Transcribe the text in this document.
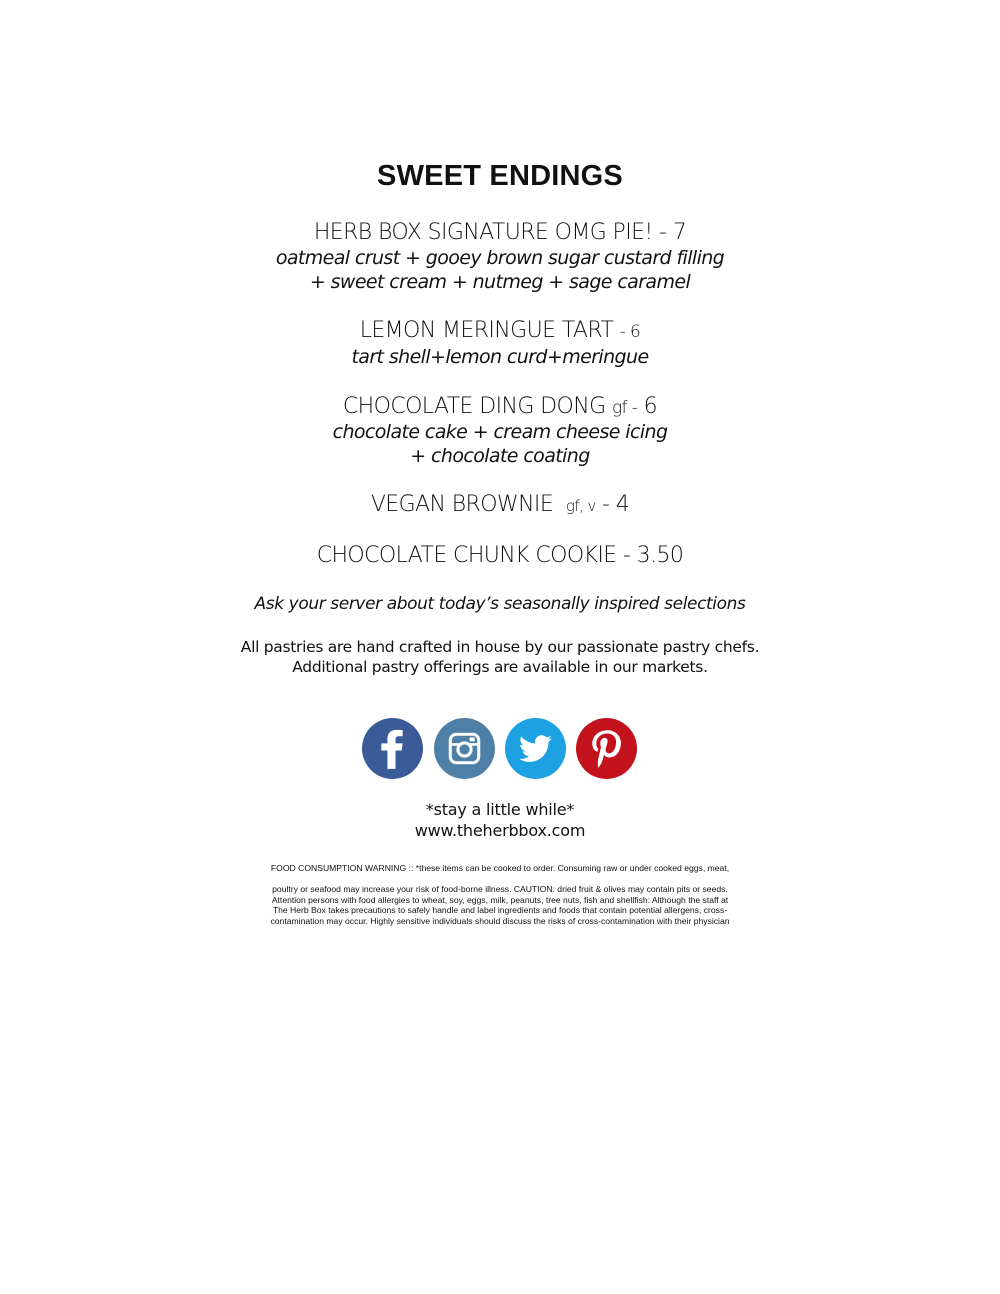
SWEET ENDINGS
HERB BOX SIGNATURE OMG PIE! - 7
oatmeal crust + gooey brown sugar custard filling
+ sweet cream + nutmeg + sage caramel
LEMON MERINGUE TART - 6
tart shell+lemon curd+meringue
CHOCOLATE DING DONG gf - 6
chocolate cake + cream cheese icing
+ chocolate coating
VEGAN BROWNIE gf, v - 4
CHOCOLATE CHUNK COOKIE - 3.50
Ask your server about today’s seasonally inspired selections
All pastries are hand crafted in house by our passionate pastry chefs.
Additional pastry offerings are available in our markets.
*stay a little while*
www.theherbbox.com
FOOD CONSUMPTION WARNING :: *these items can be cooked to order. Consuming raw or under cooked eggs, meat,
poultry or seafood may increase your risk of food-borne illness. CAUTION: dried fruit & olives may contain pits or seeds.
Attention persons with food allergies to wheat, soy, eggs, milk, peanuts, tree nuts, fish and shellfish: Although the staff at
The Herb Box takes precautions to safely handle and label ingredients and foods that contain potential allergens, cross-
contamination may occur. Highly sensitive individuals should discuss the risks of cross-contamination with their physician
